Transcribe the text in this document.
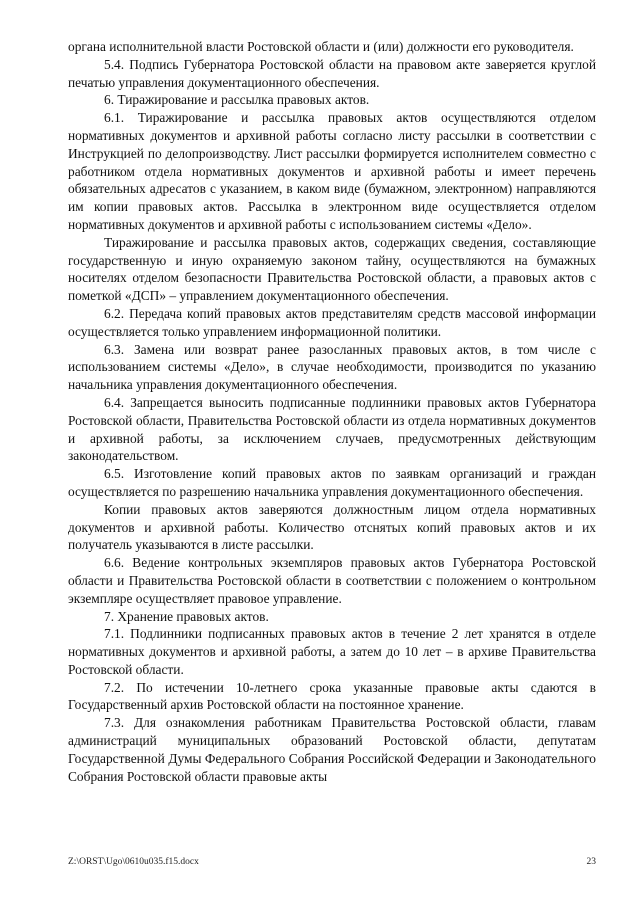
органа исполнительной власти Ростовской области и (или) должности его руководителя.

5.4. Подпись Губернатора Ростовской области на правовом акте заверяется круглой печатью управления документационного обеспечения.

6. Тиражирование и рассылка правовых актов.

6.1. Тиражирование и рассылка правовых актов осуществляются отделом нормативных документов и архивной работы согласно листу рассылки в соответствии с Инструкцией по делопроизводству. Лист рассылки формируется исполнителем совместно с работником отдела нормативных документов и архивной работы и имеет перечень обязательных адресатов с указанием, в каком виде (бумажном, электронном) направляются им копии правовых актов. Рассылка в электронном виде осуществляется отделом нормативных документов и архивной работы с использованием системы «Дело».

Тиражирование и рассылка правовых актов, содержащих сведения, составляющие государственную и иную охраняемую законом тайну, осуществляются на бумажных носителях отделом безопасности Правительства Ростовской области, а правовых актов с пометкой «ДСП» – управлением документационного обеспечения.

6.2. Передача копий правовых актов представителям средств массовой информации осуществляется только управлением информационной политики.

6.3. Замена или возврат ранее разосланных правовых актов, в том числе с использованием системы «Дело», в случае необходимости, производится по указанию начальника управления документационного обеспечения.

6.4. Запрещается выносить подписанные подлинники правовых актов Губернатора Ростовской области, Правительства Ростовской области из отдела нормативных документов и архивной работы, за исключением случаев, предусмотренных действующим законодательством.

6.5. Изготовление копий правовых актов по заявкам организаций и граждан осуществляется по разрешению начальника управления документационного обеспечения.

Копии правовых актов заверяются должностным лицом отдела нормативных документов и архивной работы. Количество отснятых копий правовых актов и их получатель указываются в листе рассылки.

6.6. Ведение контрольных экземпляров правовых актов Губернатора Ростовской области и Правительства Ростовской области в соответствии с положением о контрольном экземпляре осуществляет правовое управление.

7. Хранение правовых актов.

7.1. Подлинники подписанных правовых актов в течение 2 лет хранятся в отделе нормативных документов и архивной работы, а затем до 10 лет – в архиве Правительства Ростовской области.

7.2. По истечении 10-летнего срока указанные правовые акты сдаются в Государственный архив Ростовской области на постоянное хранение.

7.3. Для ознакомления работникам Правительства Ростовской области, главам администраций муниципальных образований Ростовской области, депутатам Государственной Думы Федерального Собрания Российской Федерации и Законодательного Собрания Ростовской области правовые акты

Z:\ORST\Ugo\0610u035.f15.docx	23
